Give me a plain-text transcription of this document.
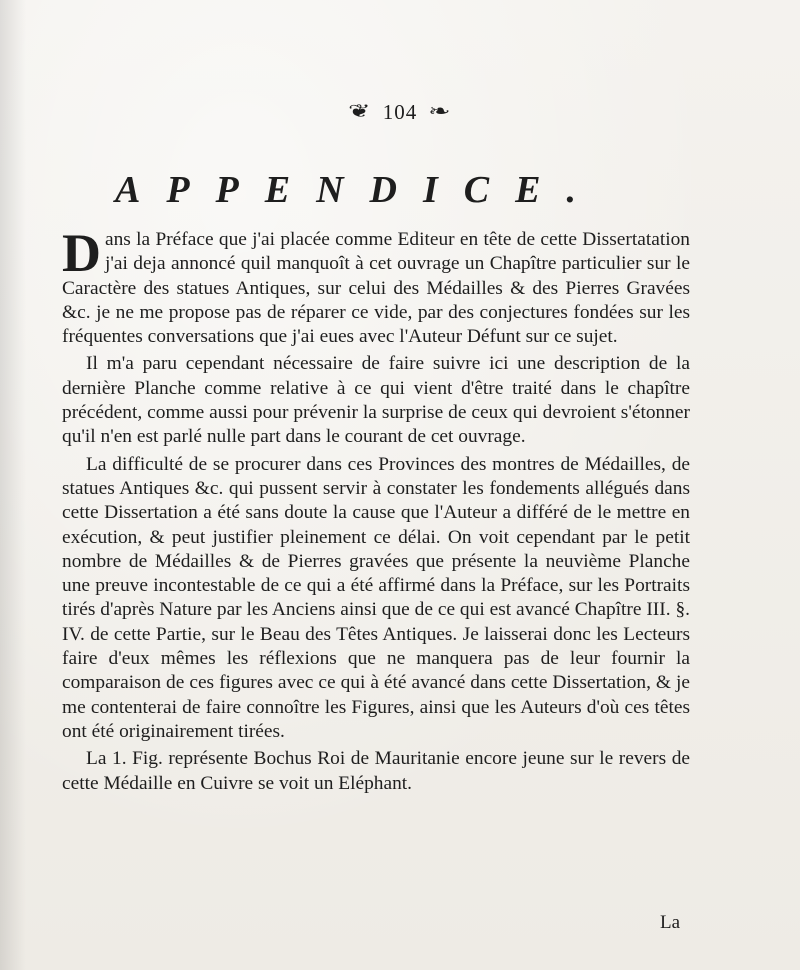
❦ 104 ❧
APPENDICE.

D ans la Préface que j'ai placée comme Editeur en tête de cette Dissertatation j'ai deja annoncé quil manquoît à cet ouvrage un Chapître particulier sur le Caractère des statues Antiques, sur celui des Médailles & des Pierres Gravées &c. je ne me propose pas de réparer ce vide, par des conjectures fondées sur les fréquentes conversations que j'ai eues avec l'Auteur Défunt sur ce sujet.

Il m'a paru cependant nécessaire de faire suivre ici une description de la dernière Planche comme relative à ce qui vient d'être traité dans le chapître précédent, comme aussi pour prévenir la surprise de ceux qui devroient s'étonner qu'il n'en est parlé nulle part dans le courant de cet ouvrage.

La difficulté de se procurer dans ces Provinces des montres de Médailles, de statues Antiques &c. qui pussent servir à constater les fondements allégués dans cette Dissertation a été sans doute la cause que l'Auteur a différé de le mettre en exécution, & peut justifier pleinement ce délai. On voit cependant par le petit nombre de Médailles & de Pierres gravées que présente la neuvième Planche une preuve incontestable de ce qui a été affirmé dans la Préface, sur les Portraits tirés d'après Nature par les Anciens ainsi que de ce qui est avancé Chapître III. §. IV. de cette Partie, sur le Beau des Têtes Antiques. Je laisserai donc les Lecteurs faire d'eux mêmes les réflexions que ne manquera pas de leur fournir la comparaison de ces figures avec ce qui à été avancé dans cette Dissertation, & je me contenterai de faire connoître les Figures, ainsi que les Auteurs d'où ces têtes ont été originairement tirées.

La 1. Fig. représente Bochus Roi de Mauritanie encore jeune sur le revers de cette Médaille en Cuivre se voit un Eléphant.

La
